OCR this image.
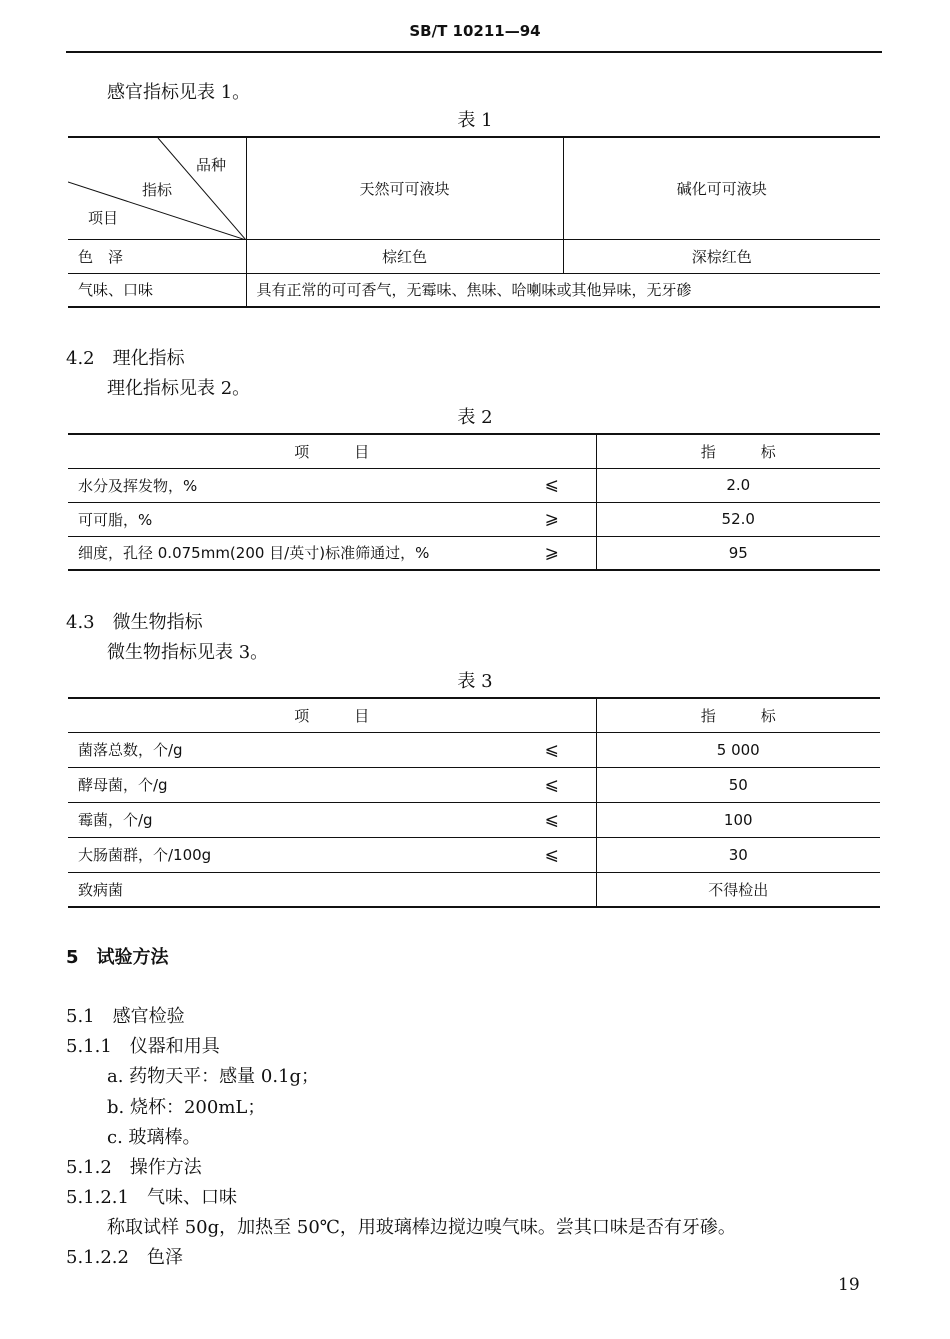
SB/T 10211—94
感官指标见表 1。
表 1
品种
指标
项目	天然可可液块	碱化可可液块
色　泽	棕红色	深棕红色
气味、口味	具有正常的可可香气，无霉味、焦味、哈喇味或其他异味，无牙碜	
4.2　理化指标
理化指标见表 2。
表 2
项　　　目		指　　　标
水分及挥发物，%	⩽	2.0
可可脂，%	⩾	52.0
细度，孔径 0.075mm(200 目/英寸)标准筛通过，%	⩾	95
4.3　微生物指标
微生物指标见表 3。
表 3
项　　　目		指　　　标
菌落总数，个/g	⩽	5 000
酵母菌，个/g	⩽	50
霉菌，个/g	⩽	100
大肠菌群，个/100g	⩽	30
致病菌		不得检出
5　试验方法
5.1　感官检验
5.1.1　仪器和用具
a. 药物天平：感量 0.1g；
b. 烧杯：200mL；
c. 玻璃棒。
5.1.2　操作方法
5.1.2.1　气味、口味
称取试样 50g，加热至 50℃，用玻璃棒边搅边嗅气味。尝其口味是否有牙碜。
5.1.2.2　色泽
19
